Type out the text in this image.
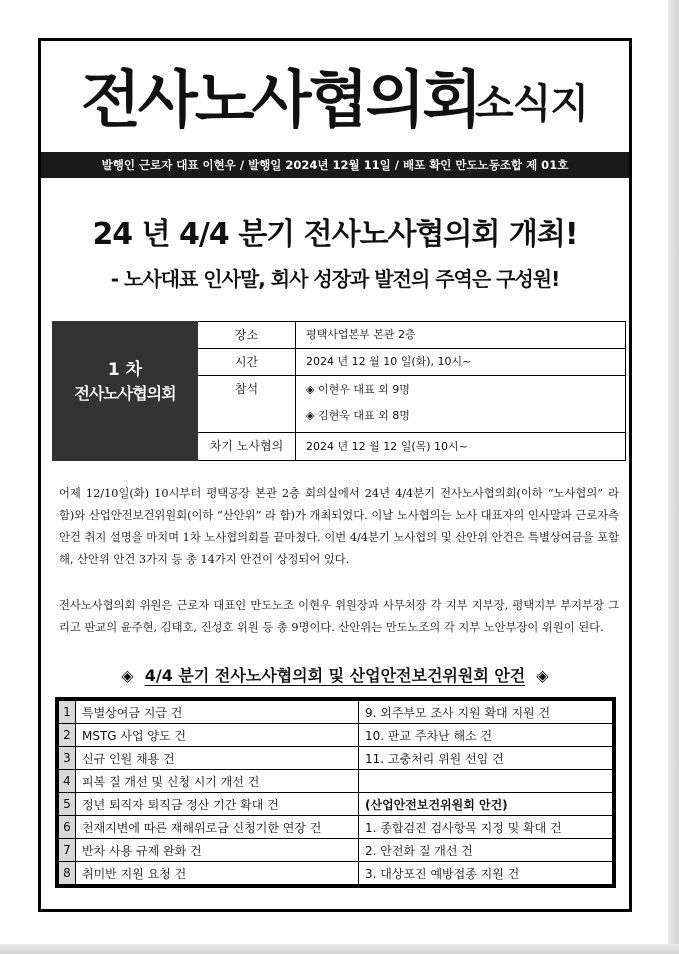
전사노사협의회
소식지
발행인 근로자 대표 이현우 / 발행일 2024년 12월 11일 / 배포 확인 만도노동조합 제 01호
24 년 4/4 분기 전사노사협의회 개최!
- 노사대표 인사말, 회사 성장과 발전의 주역은 구성원!
1 차
전사노사협의회
장소	평택사업본부 본관 2층
시간	2024 년 12 월 10 일(화), 10시~
참석	◈ 이현우 대표 외 9명
◈ 김현욱 대표 외 8명
차기 노사협의	2024 년 12 월 12 일(목) 10시~
어제 12/10일(화) 10시부터 평택공장 본관 2층 회의실에서 24년 4/4분기 전사노사협의회(이하 “노사협의” 라 함)와 산업안전보건위원회(이하 “산안위” 라 함)가 개최되었다. 이날 노사협의는 노사 대표자의 인사말과 근로자측 안건 취지 설명을 마치며 1차 노사협의회를 끝마쳤다. 이번 4/4분기 노사협의 및 산안위 안건은 특별상여금을 포함해, 산안위 안건 3가지 등 총 14가지 안건이 상정되어 있다.
전사노사협의회 위원은 근로자 대표인 만도노조 이현우 위원장과 사무처장 각 지부 지부장, 평택지부 부지부장 그리고 판교의 윤주현, 김태호, 진성호 위원 등 총 9명이다. 산안위는 만도노조의 각 지부 노안부장이 위원이 된다.
◈ 4/4 분기 전사노사협의회 및 산업안전보건위원회 안건 ◈
1	특별상여금 지급 건	9. 외주부모 조사 지원 확대 지원 건
2	MSTG 사업 양도 건	10. 판교 주차난 해소 건
3	신규 인원 채용 건	11. 고충처리 위원 선임 건
4	피복 질 개선 및 신청 시기 개선 건	
5	정년 퇴직자 퇴직금 정산 기간 확대 건	(산업안전보건위원회 안건)
6	천재지변에 따른 재해위로금 신청기한 연장 건	1. 종합검진 검사항목 지정 및 확대 건
7	반차 사용 규제 완화 건	2. 안전화 질 개선 건
8	취미반 지원 요청 건	3. 대상포진 예방접종 지원 건
